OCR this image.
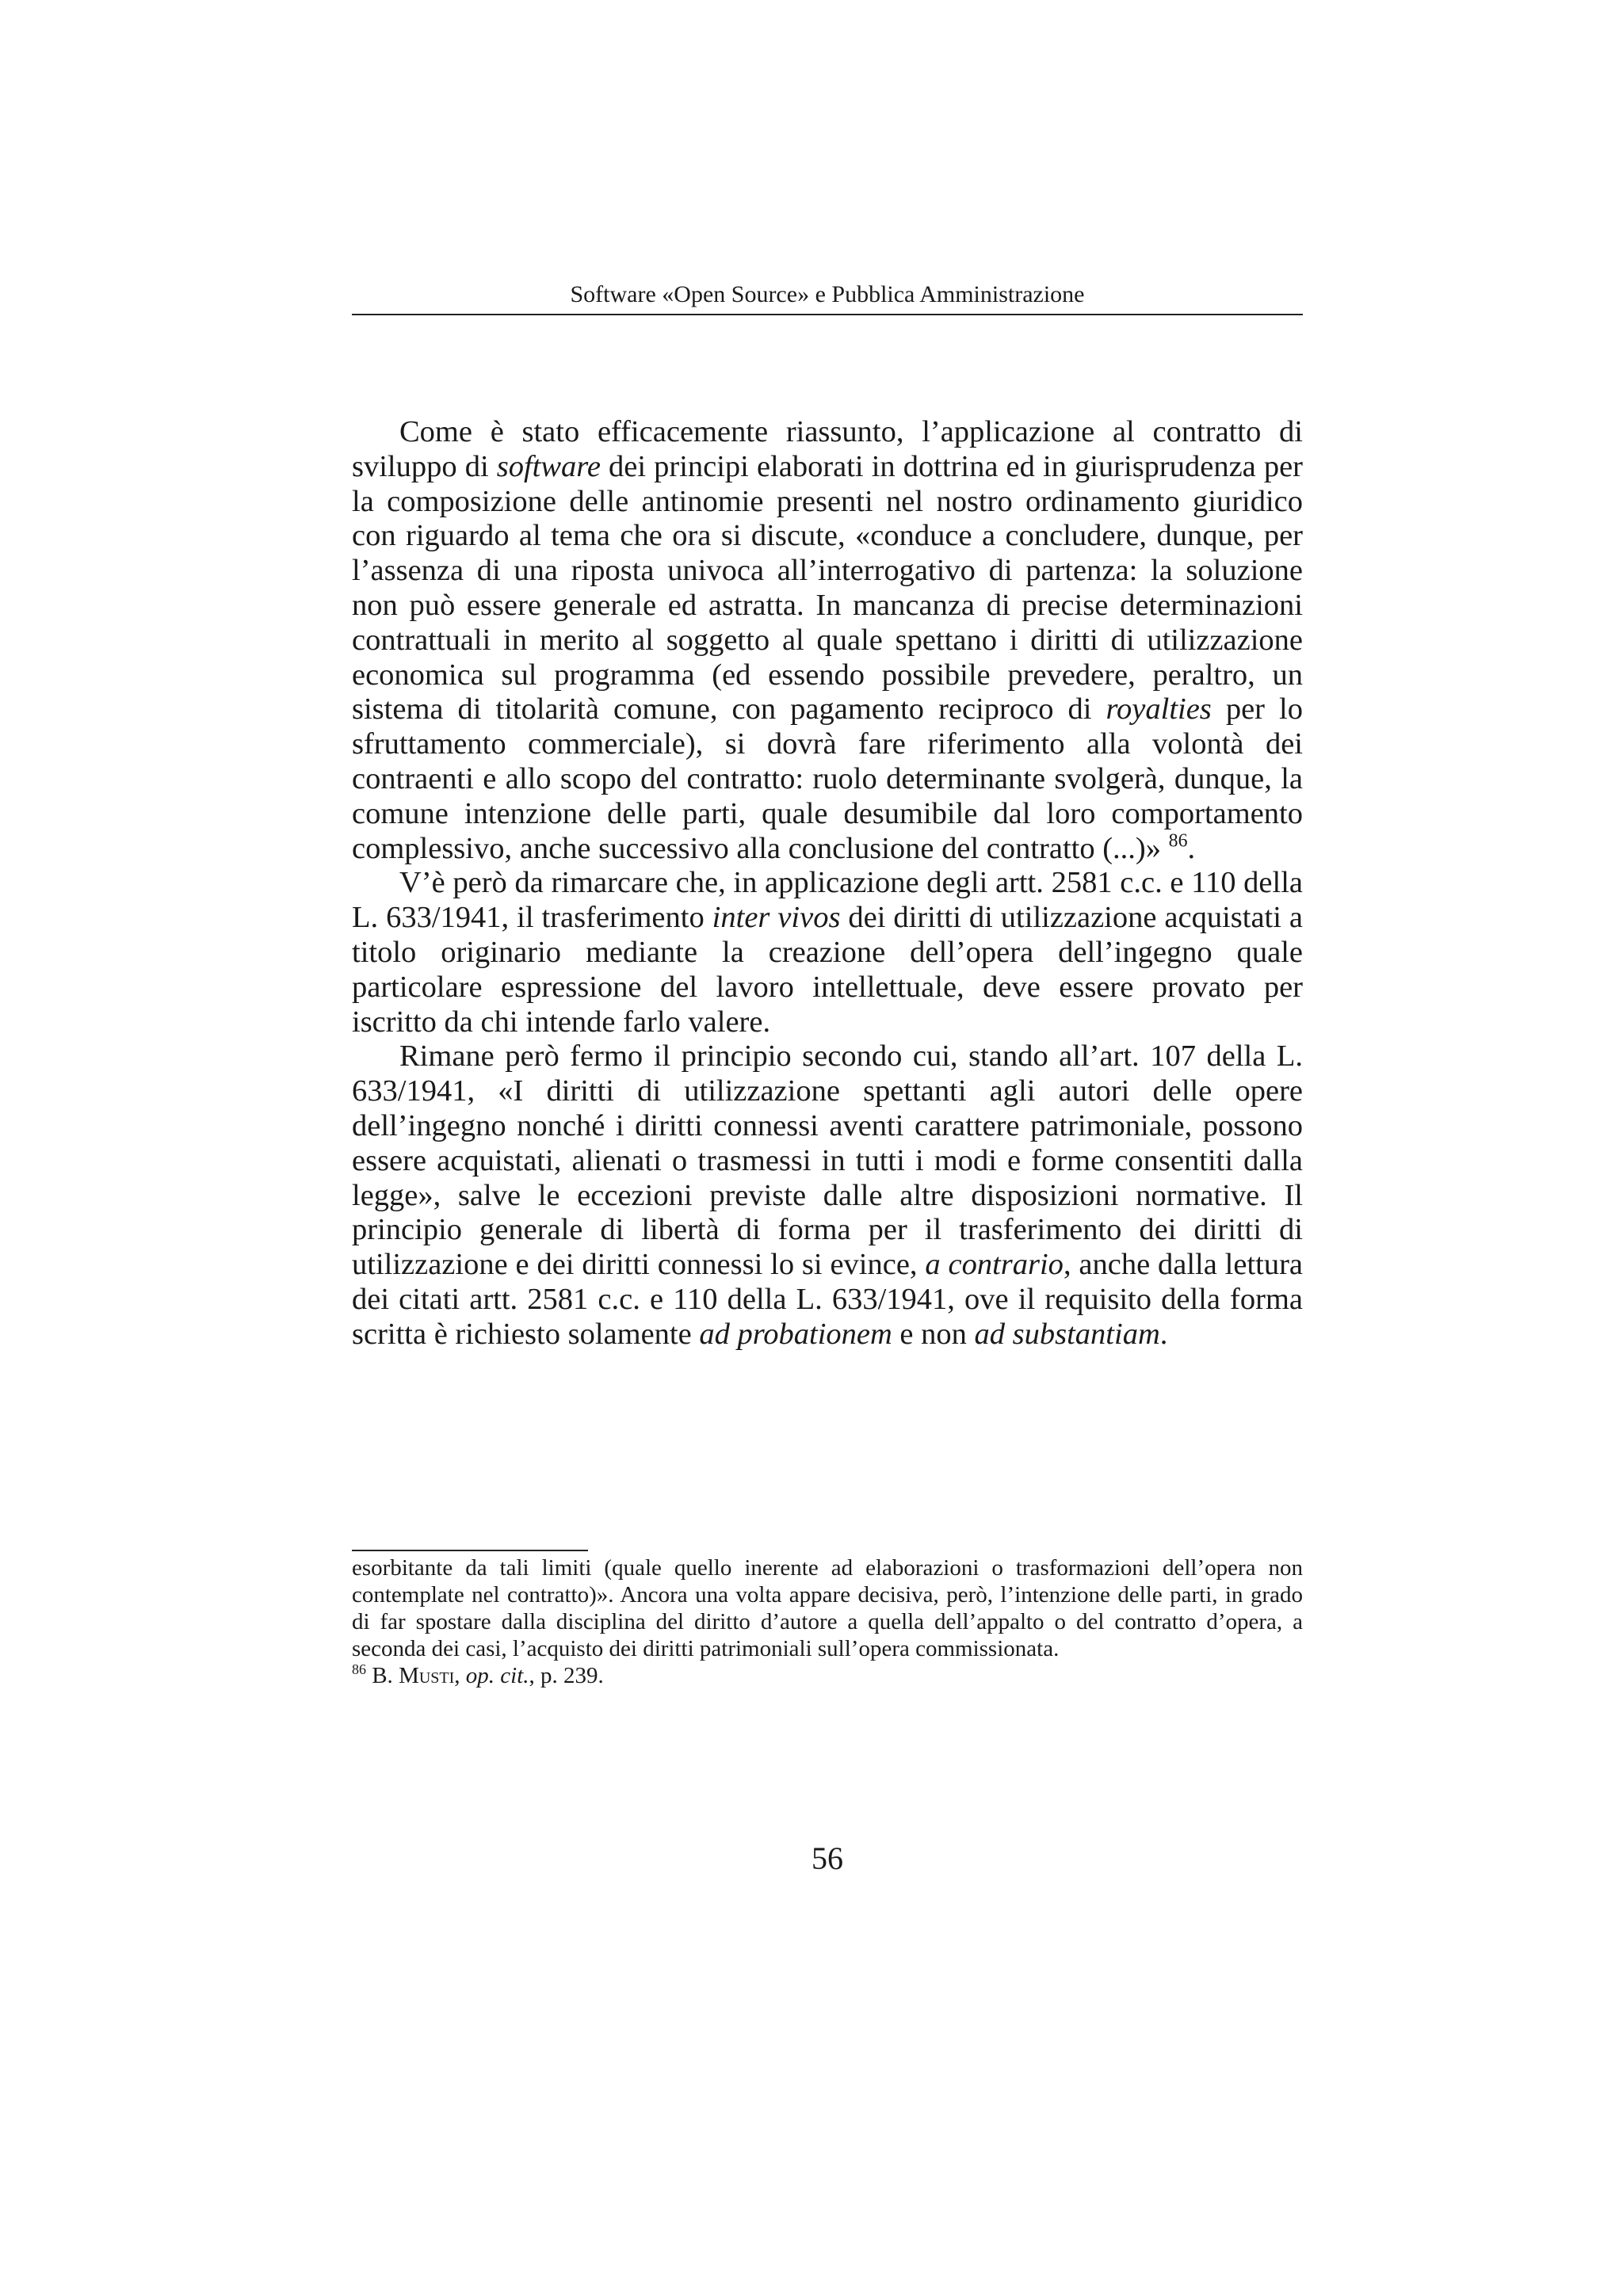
Software «Open Source» e Pubblica Amministrazione

Come è stato efficacemente riassunto, l’applicazione al contratto di sviluppo di software dei principi elaborati in dottrina ed in giurisprudenza per la composizione delle antinomie presenti nel nostro ordinamento giuridico con riguardo al tema che ora si discute, «conduce a concludere, dunque, per l’assenza di una riposta univoca all’interrogativo di partenza: la soluzione non può essere generale ed astratta. In mancanza di precise determinazioni contrattuali in merito al soggetto al quale spettano i diritti di utilizzazione economica sul programma (ed essendo possibile prevedere, peraltro, un sistema di titolarità comune, con pagamento reciproco di royalties per lo sfruttamento commerciale), si dovrà fare riferimento alla volontà dei contraenti e allo scopo del contratto: ruolo determinante svolgerà, dunque, la comune intenzione delle parti, quale desumibile dal loro comportamento complessivo, anche successivo alla conclusione del contratto (...)» $^{86}$.

V’è però da rimarcare che, in applicazione degli artt. 2581 c.c. e 110 della L. 633/1941, il trasferimento inter vivos dei diritti di utilizzazione acquistati a titolo originario mediante la creazione dell’opera dell’ingegno quale particolare espressione del lavoro intellettuale, deve essere provato per iscritto da chi intende farlo valere.

Rimane però fermo il principio secondo cui, stando all’art. 107 della L. 633/1941, «I diritti di utilizzazione spettanti agli autori delle opere dell’ingegno nonché i diritti connessi aventi carattere patrimoniale, possono essere acquistati, alienati o trasmessi in tutti i modi e forme consentiti dalla legge», salve le eccezioni previste dalle altre disposizioni normative. Il principio generale di libertà di forma per il trasferimento dei diritti di utilizzazione e dei diritti connessi lo si evince, a contrario, anche dalla lettura dei citati artt. 2581 c.c. e 110 della L. 633/1941, ove il requisito della forma scritta è richiesto solamente ad probationem e non ad substantiam.

esorbitante da tali limiti (quale quello inerente ad elaborazioni o trasformazioni dell’opera non contemplate nel contratto)». Ancora una volta appare decisiva, però, l’intenzione delle parti, in grado di far spostare dalla disciplina del diritto d’autore a quella dell’appalto o del contratto d’opera, a seconda dei casi, l’acquisto dei diritti patrimoniali sull’opera commissionata.

$^{86}$ B. Musti, op. cit., p. 239.

56
